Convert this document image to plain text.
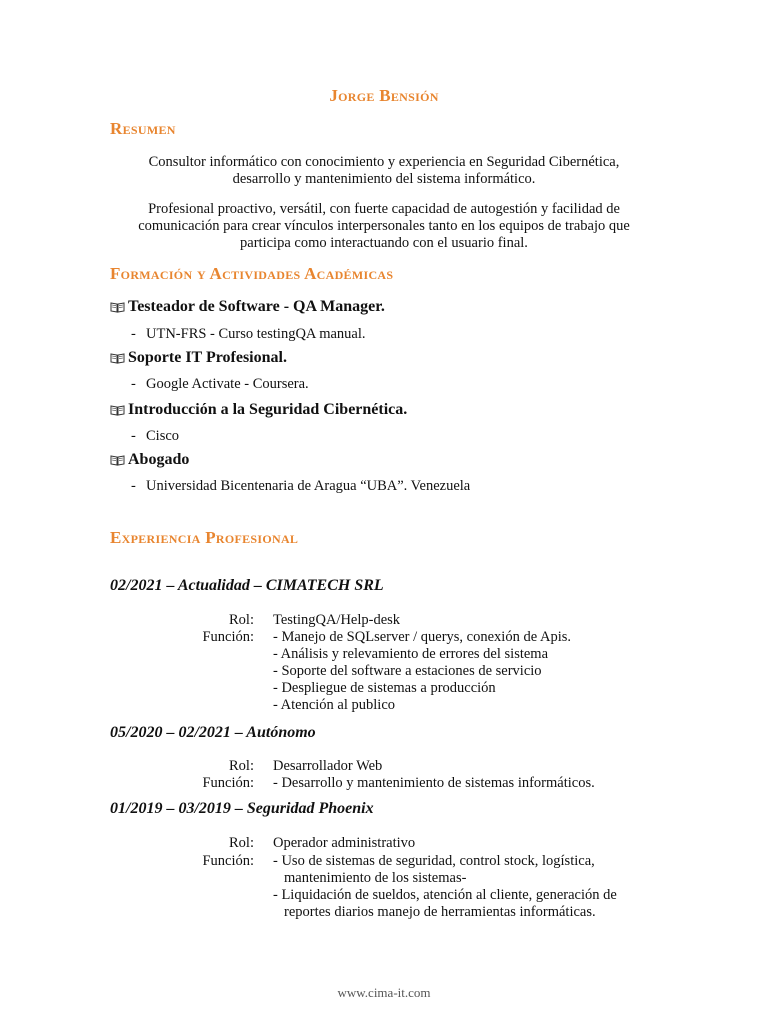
Jorge Bensión
Resumen
Consultor informático con conocimiento y experiencia en Seguridad Cibernética,
desarrollo y mantenimiento del sistema informático.
Profesional proactivo, versátil, con fuerte capacidad de autogestión y facilidad de
comunicación para crear vínculos interpersonales tanto en los equipos de trabajo que
participa como interactuando con el usuario final.
Formación y Actividades Académicas
Testeador de Software - QA Manager.
- UTN-FRS - Curso testingQA manual.
Soporte IT Profesional.
- Google Activate - Coursera.
Introducción a la Seguridad Cibernética.
- Cisco
Abogado
- Universidad Bicentenaria de Aragua “UBA”. Venezuela
Experiencia Profesional
02/2021 – Actualidad – CIMATECH SRL
Rol: TestingQA/Help-desk
Función: - Manejo de SQLserver / querys, conexión de Apis.
- Análisis y relevamiento de errores del sistema
- Soporte del software a estaciones de servicio
- Despliegue de sistemas a producción
- Atención al publico
05/2020 – 02/2021 – Autónomo
Rol: Desarrollador Web
Función: - Desarrollo y mantenimiento de sistemas informáticos.
01/2019 – 03/2019 – Seguridad Phoenix
Rol: Operador administrativo
Función: - Uso de sistemas de seguridad, control stock, logística,
mantenimiento de los sistemas-
- Liquidación de sueldos, atención al cliente, generación de
reportes diarios manejo de herramientas informáticas.
www.cima-it.com
